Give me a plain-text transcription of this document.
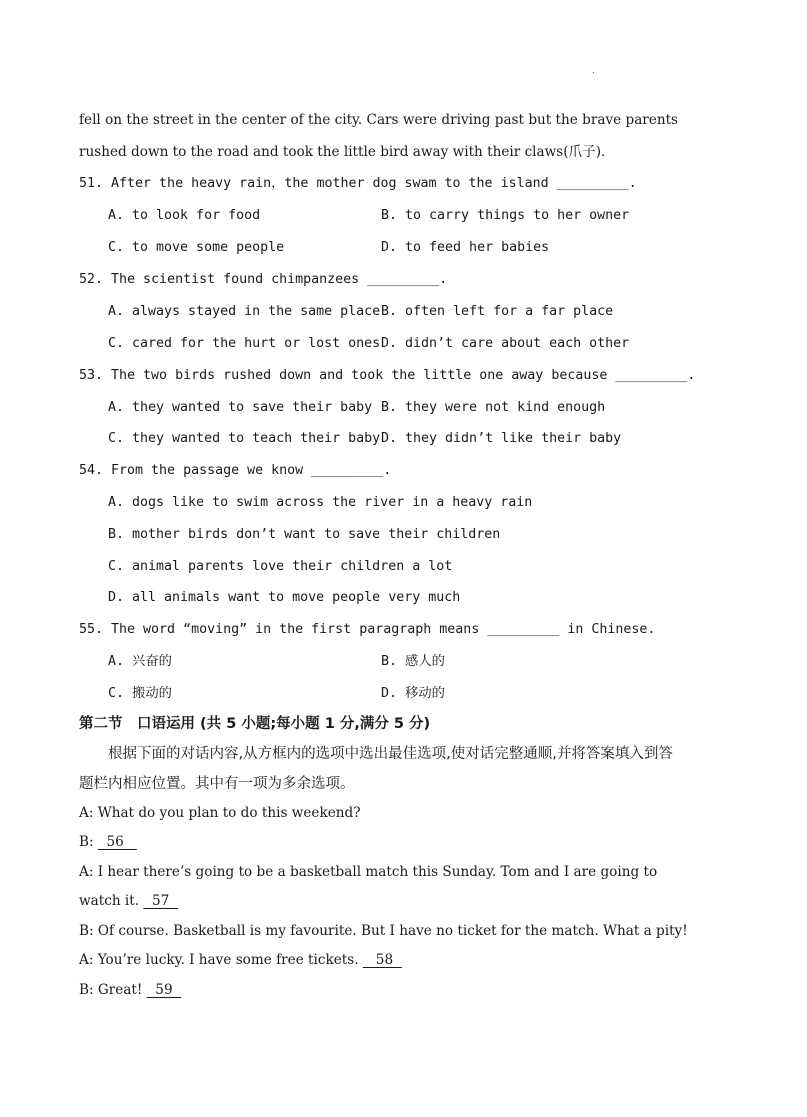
.
fell on the street in the center of the city. Cars were driving past but the brave parents
rushed down to the road and took the little bird away with their claws(爪子).
51. After the heavy rain，the mother dog swam to the island _________.
A. to look for food	B. to carry things to her owner
C. to move some people	D. to feed her babies
52. The scientist found chimpanzees _________.
A. always stayed in the same place B. often left for a far place
C. cared for the hurt or lost ones D. didn’t care about each other
53. The two birds rushed down and took the little one away because _________.
A. they wanted to save their baby B. they were not kind enough
C. they wanted to teach their baby D. they didn’t like their baby
54. From the passage we know _________.
A. dogs like to swim across the river in a heavy rain
B. mother birds don’t want to save their children
C. animal parents love their children a lot
D. all animals want to move people very much
55. The word “moving” in the first paragraph means _________ in Chinese.
A. 兴奋的	B. 感人的
C. 搬动的	D. 移动的
第二节　口语运用 (共 5 小题;每小题 1 分,满分 5 分)
根据下面的对话内容,从方框内的选项中选出最佳选项,使对话完整通顺,并将答案填入到答
题栏内相应位置。其中有一项为多余选项。
A: What do you plan to do this weekend?
B:   56
A: I hear there’s going to be a basketball match this Sunday. Tom and I are going to
watch it.   57
B: Of course. Basketball is my favourite. But I have no ticket for the match. What a pity!
A: You’re lucky. I have some free tickets.    58
B: Great!   59
